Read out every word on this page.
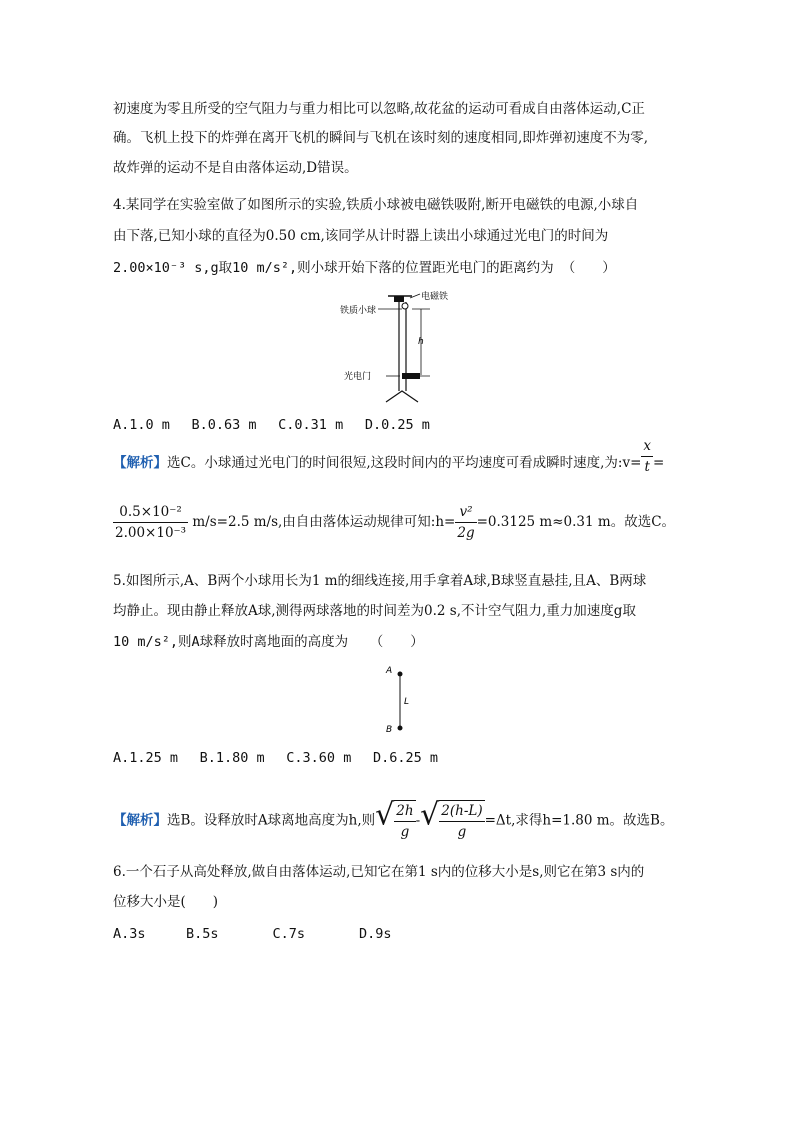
初速度为零且所受的空气阻力与重力相比可以忽略,故花盆的运动可看成自由落体运动,C正
确。飞机上投下的炸弹在离开飞机的瞬间与飞机在该时刻的速度相同,即炸弹初速度不为零,
故炸弹的运动不是自由落体运动,D错误。
4.某同学在实验室做了如图所示的实验,铁质小球被电磁铁吸附,断开电磁铁的电源,小球自
由下落,已知小球的直径为0.50 cm,该同学从计时器上读出小球通过光电门的时间为
2.00×10⁻³ s,g取10 m/s²,则小球开始下落的位置距光电门的距离约为 （　　）
电磁铁
铁质小球
h
光电门
A.1.0 m　 B.0.63 m　 C.0.31 m　 D.0.25 m
【解析】选C。小球通过光电门的时间很短,这段时间内的平均速度可看成瞬时速度,为:v= $\frac{x}{t}$ =
$\frac{\text{0.5×10⁻²}}{\text{2.00×10⁻³}} m/s=2.5$ m/s,由自由落体运动规律可知:h= $\frac{\text{v²}}{2g} =0.3125$ m≈0.31 m。故选C。
5.如图所示,A、B两个小球用长为1 m的细线连接,用手拿着A球,B球竖直悬挂,且A、B两球
均静止。现由静止释放A球,测得两球落地的时间差为0.2 s,不计空气阻力,重力加速度g取
10 m/s²,则A球释放时离地面的高度为　 （　　）
A
B
L
A.1.25 m　 B.1.80 m　 C.3.60 m　 D.6.25 m
【解析】选B。设释放时A球离地高度为h,则√ $\frac{2h}{g}$ -√ $\frac{2(h-L)}{g} =\Delta t$,求得h=1.80 m。故选B。
6.一个石子从高处释放,做自由落体运动,已知它在第1 s内的位移大小是s,则它在第3 s内的
位移大小是(　　)
A.3s　　　B.5s　　　　C.7s　　　　D.9s
